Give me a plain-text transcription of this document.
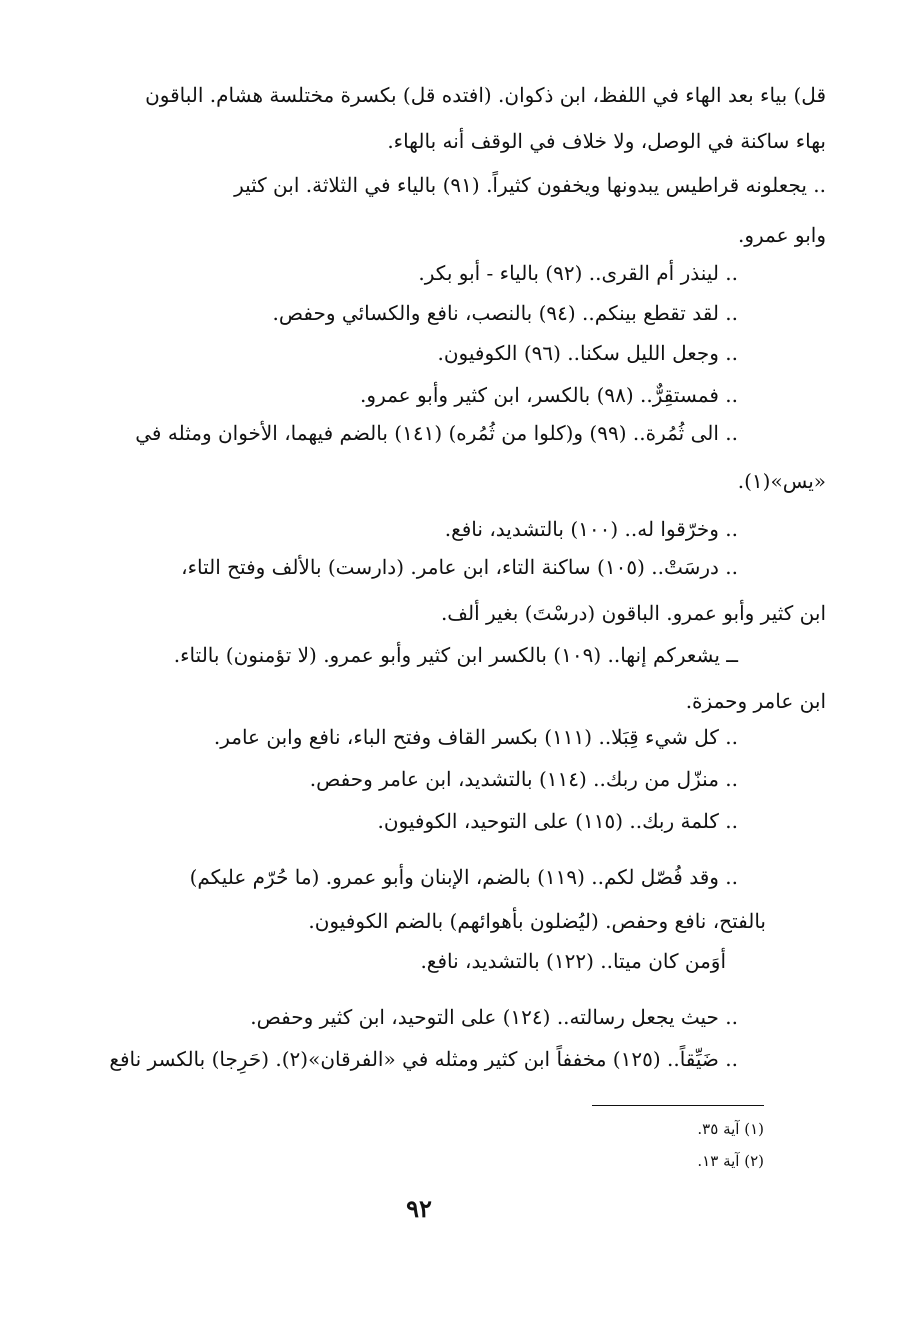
قل) بياء بعد الهاء في اللفظ، ابن ذكوان. (افتده قل) بكسرة مختلسة هشام. الباقون
بهاء ساكنة في الوصل، ولا خلاف في الوقف أنه بالهاء.
.. يجعلونه قراطيس يبدونها ويخفون كثيراً. (٩١) بالياء في الثلاثة. ابن كثير
وابو عمرو.
.. لينذر أم القرى.. (٩٢) بالياء - أبو بكر.
.. لقد تقطع بينكم.. (٩٤) بالنصب، نافع والكسائي وحفص.
.. وجعل الليل سكنا.. (٩٦) الكوفيون.
.. فمستقِرٌّ.. (٩٨) بالكسر، ابن كثير وأبو عمرو.
.. الى ثُمُرة.. (٩٩) و(كلوا من ثُمُره) (١٤١) بالضم فيهما، الأخوان ومثله في
«يس»(١).
.. وخرّقوا له.. (١٠٠) بالتشديد، نافع.
.. درسَتْ.. (١٠٥) ساكنة التاء، ابن عامر. (دارست) بالألف وفتح التاء،
ابن كثير وأبو عمرو. الباقون (درسْتَ) بغير ألف.
ــ يشعركم إنها.. (١٠٩) بالكسر ابن كثير وأبو عمرو. (لا تؤمنون) بالتاء.
ابن عامر وحمزة.
.. كل شيء قِبَلا.. (١١١) بكسر القاف وفتح الباء، نافع وابن عامر.
.. منزّل من ربك.. (١١٤) بالتشديد، ابن عامر وحفص.
.. كلمة ربك.. (١١٥) على التوحيد، الكوفيون.
.. وقد فُصّل لكم.. (١١٩) بالضم، الإبنان وأبو عمرو. (ما حُرّم عليكم)
بالفتح، نافع وحفص. (ليُضلون بأهوائهم) بالضم الكوفيون.
أوَمن كان ميتا.. (١٢٢) بالتشديد، نافع.
.. حيث يجعل رسالته.. (١٢٤) على التوحيد، ابن كثير وحفص.
.. ضَيِّقاً.. (١٢٥) مخففاً ابن كثير ومثله في «الفرقان»(٢). (حَرِجا) بالكسر نافع
(١) آية ٣٥.
(٢) آية ١٣.
٩٢
